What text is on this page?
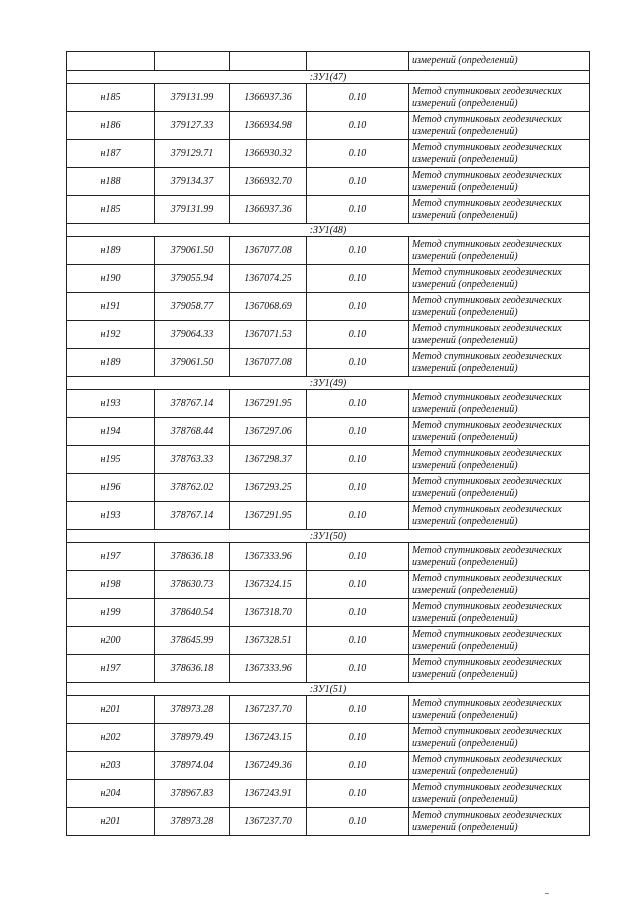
				измерений (определений)
:ЗУ1(47)				
н185	379131.99	1366937.36	0.10	Метод спутниковых геодезических
измерений (определений)

н186	379127.33	1366934.98	0.10	Метод спутниковых геодезических
измерений (определений)

н187	379129.71	1366930.32	0.10	Метод спутниковых геодезических
измерений (определений)

н188	379134.37	1366932.70	0.10	Метод спутниковых геодезических
измерений (определений)

н185	379131.99	1366937.36	0.10	Метод спутниковых геодезических
измерений (определений)

:ЗУ1(48)				
н189	379061.50	1367077.08	0.10	Метод спутниковых геодезических
измерений (определений)

н190	379055.94	1367074.25	0.10	Метод спутниковых геодезических
измерений (определений)

н191	379058.77	1367068.69	0.10	Метод спутниковых геодезических
измерений (определений)

н192	379064.33	1367071.53	0.10	Метод спутниковых геодезических
измерений (определений)

н189	379061.50	1367077.08	0.10	Метод спутниковых геодезических
измерений (определений)

:ЗУ1(49)				
н193	378767.14	1367291.95	0.10	Метод спутниковых геодезических
измерений (определений)

н194	378768.44	1367297.06	0.10	Метод спутниковых геодезических
измерений (определений)

н195	378763.33	1367298.37	0.10	Метод спутниковых геодезических
измерений (определений)

н196	378762.02	1367293.25	0.10	Метод спутниковых геодезических
измерений (определений)

н193	378767.14	1367291.95	0.10	Метод спутниковых геодезических
измерений (определений)

:ЗУ1(50)				
н197	378636.18	1367333.96	0.10	Метод спутниковых геодезических
измерений (определений)

н198	378630.73	1367324.15	0.10	Метод спутниковых геодезических
измерений (определений)

н199	378640.54	1367318.70	0.10	Метод спутниковых геодезических
измерений (определений)

н200	378645.99	1367328.51	0.10	Метод спутниковых геодезических
измерений (определений)

н197	378636.18	1367333.96	0.10	Метод спутниковых геодезических
измерений (определений)

:ЗУ1(51)				
н201	378973.28	1367237.70	0.10	Метод спутниковых геодезических
измерений (определений)

н202	378979.49	1367243.15	0.10	Метод спутниковых геодезических
измерений (определений)

н203	378974.04	1367249.36	0.10	Метод спутниковых геодезических
измерений (определений)

н204	378967.83	1367243.91	0.10	Метод спутниковых геодезических
измерений (определений)

н201	378973.28	1367237.70	0.10	Метод спутниковых геодезических
измерений (определений)
